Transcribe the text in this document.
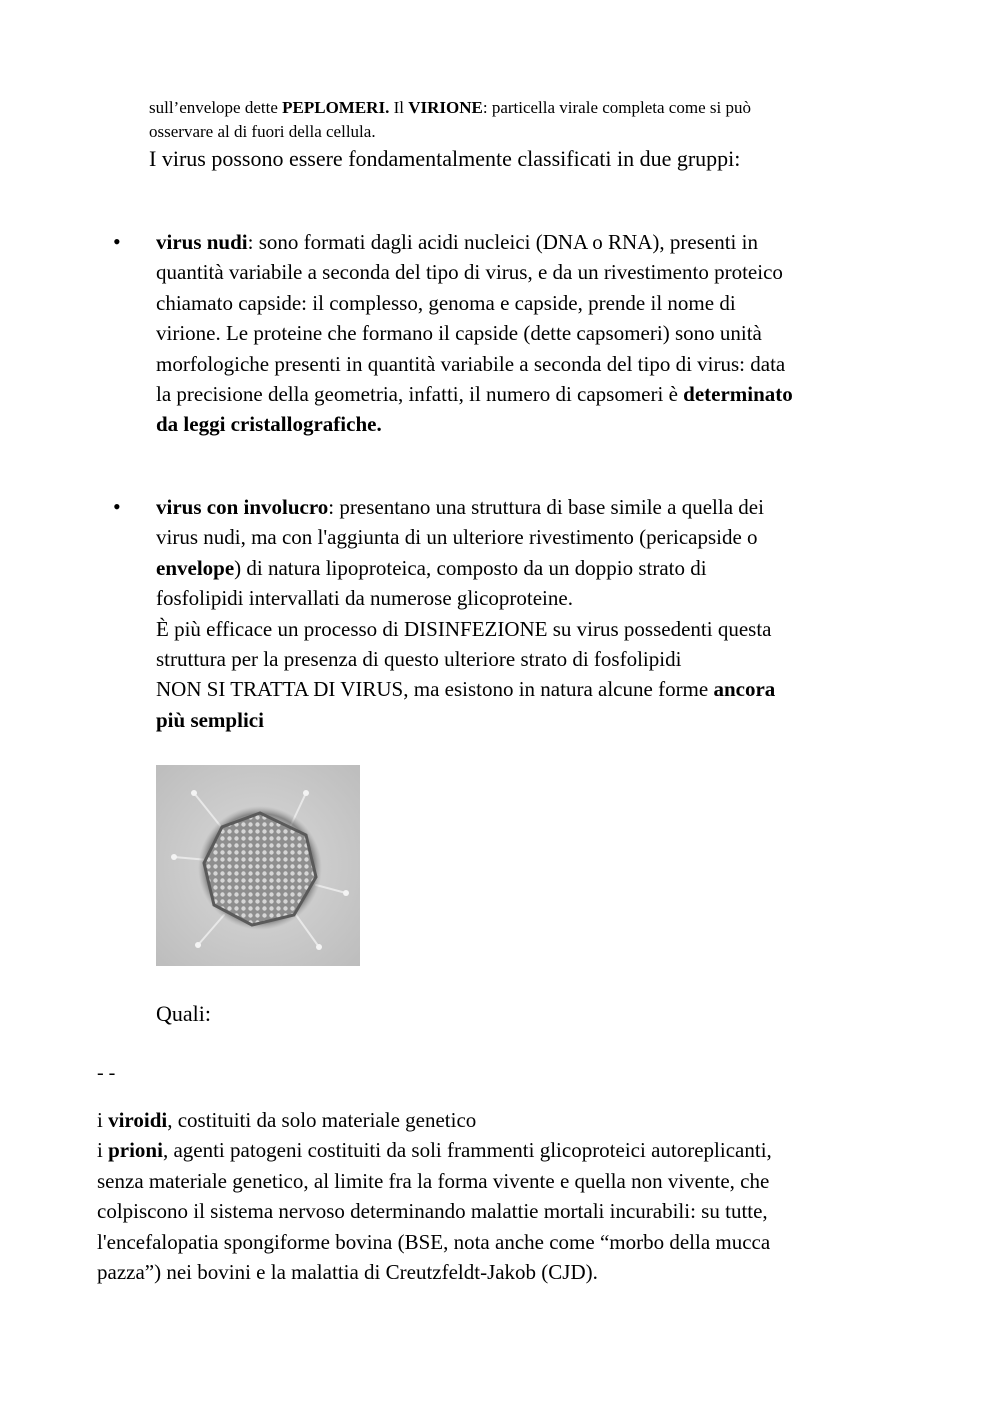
sull’envelope dette PEPLOMERI. Il VIRIONE: particella virale completa come si può
osservare al di fuori della cellula.
I virus possono essere fondamentalmente classificati in due gruppi:
• virus nudi: sono formati dagli acidi nucleici (DNA o RNA), presenti in
quantità variabile a seconda del tipo di virus, e da un rivestimento proteico
chiamato capside: il complesso, genoma e capside, prende il nome di
virione. Le proteine che formano il capside (dette capsomeri) sono unità
morfologiche presenti in quantità variabile a seconda del tipo di virus: data
la precisione della geometria, infatti, il numero di capsomeri è determinato
da leggi cristallografiche.
• virus con involucro: presentano una struttura di base simile a quella dei
virus nudi, ma con l'aggiunta di un ulteriore rivestimento (pericapside o
envelope) di natura lipoproteica, composto da un doppio strato di
fosfolipidi intervallati da numerose glicoproteine.
È più efficace un processo di DISINFEZIONE su virus possedenti questa
struttura per la presenza di questo ulteriore strato di fosfolipidi
NON SI TRATTA DI VIRUS, ma esistono in natura alcune forme ancora
più semplici
Quali:
- -
i viroidi, costituiti da solo materiale genetico
i prioni, agenti patogeni costituiti da soli frammenti glicoproteici autoreplicanti,
senza materiale genetico, al limite fra la forma vivente e quella non vivente, che
colpiscono il sistema nervoso determinando malattie mortali incurabili: su tutte,
l'encefalopatia spongiforme bovina (BSE, nota anche come “morbo della mucca
pazza”) nei bovini e la malattia di Creutzfeldt-Jakob (CJD).
